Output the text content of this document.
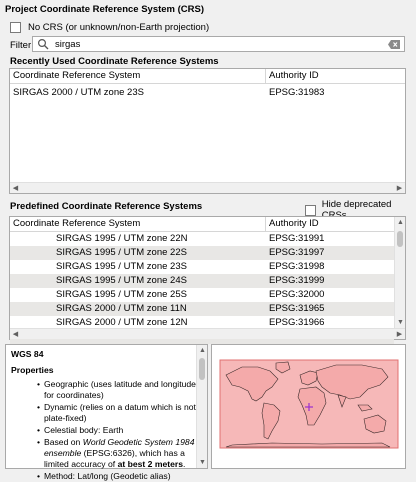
Project Coordinate Reference System (CRS)
No CRS (or unknown/non-Earth projection)
Filter	sirgas
Recently Used Coordinate Reference Systems
Coordinate Reference System	Authority ID
SIRGAS 2000 / UTM zone 23S	EPSG:31983
◀	▶
Predefined Coordinate Reference Systems	Hide deprecated
Coordinate Reference System	Authority ID
SIRGAS 1995 / UTM zone 22N	EPSG:31991
SIRGAS 1995 / UTM zone 22S	EPSG:31997
SIRGAS 1995 / UTM zone 23S	EPSG:31998
SIRGAS 1995 / UTM zone 24S	EPSG:31999
SIRGAS 1995 / UTM zone 25S	EPSG:32000
SIRGAS 2000 / UTM zone 11N	EPSG:31965
SIRGAS 2000 / UTM zone 12N	EPSG:31966
▲
▼
◀	▶
WGS 84
Properties
• Geographic (uses latitude and longitude for coordinates)
• Dynamic (relies on a datum which is not plate-fixed)
• Celestial body: Earth
• Based on World Geodetic System 1984 ensemble (EPSG:6326), which has a limited accuracy of at best 2 meters.
• Method: Lat/long (Geodetic alias)
▲
▼
